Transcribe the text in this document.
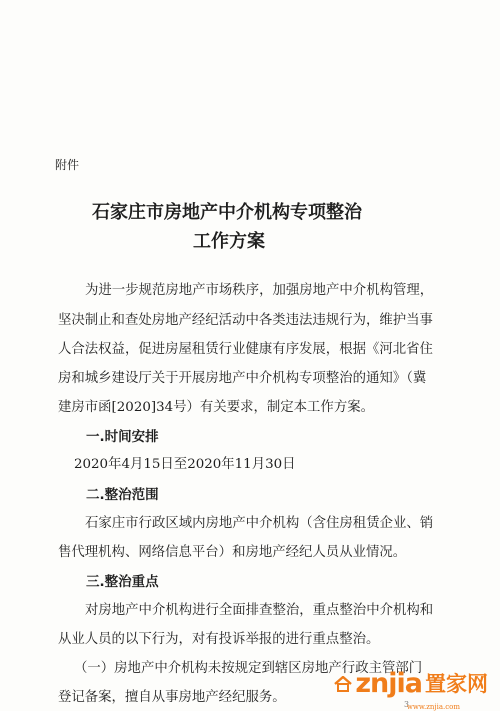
附件
石家庄市房地产中介机构专项整治
工作方案
为进一步规范房地产市场秩序，加强房地产中介机构管理，
坚决制止和查处房地产经纪活动中各类违法违规行为，维护当事
人合法权益，促进房屋租赁行业健康有序发展，根据《河北省住
房和城乡建设厅关于开展房地产中介机构专项整治的通知》（冀
建房市函[2020]34号）有关要求，制定本工作方案。
一.时间安排
2020年4月15日至2020年11月30日
二.整治范围
石家庄市行政区域内房地产中介机构（含住房租赁企业、销
售代理机构、网络信息平台）和房地产经纪人员从业情况。
三.整治重点
对房地产中介机构进行全面排查整治，重点整治中介机构和
从业人员的以下行为，对有投诉举报的进行重点整治。
（一）房地产中介机构未按规定到辖区房地产行政主管部门
登记备案，擅自从事房地产经纪服务。	3
znjia 置家网
www.znjia.com
